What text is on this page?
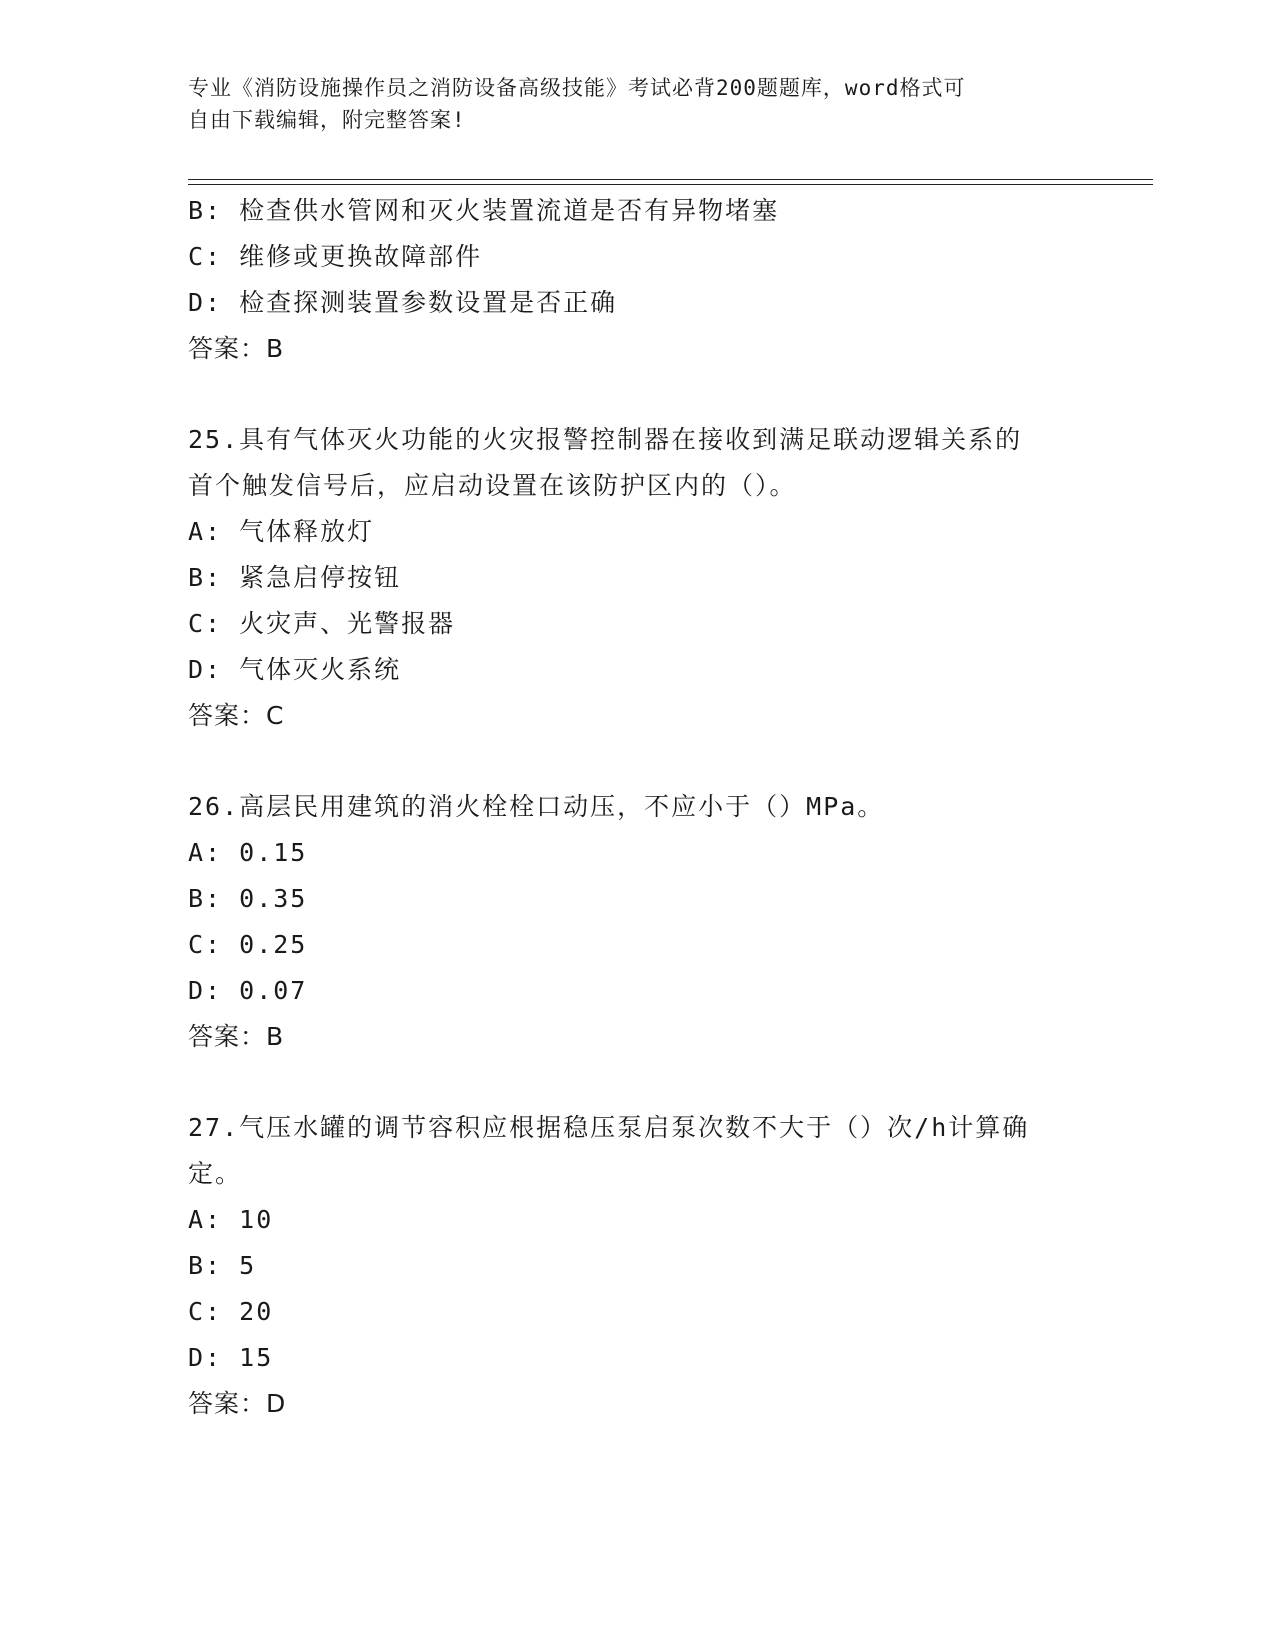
专业《消防设施操作员之消防设备高级技能》考试必背200题题库，word格式可
自由下载编辑，附完整答案!
B: 检查供水管网和灭火装置流道是否有异物堵塞
C: 维修或更换故障部件
D: 检查探测装置参数设置是否正确
答案：B
25.具有气体灭火功能的火灾报警控制器在接收到满足联动逻辑关系的
首个触发信号后，应启动设置在该防护区内的（）。
A: 气体释放灯
B: 紧急启停按钮
C: 火灾声、光警报器
D: 气体灭火系统
答案：C
26.高层民用建筑的消火栓栓口动压，不应小于（）MPa。
A: 0.15
B: 0.35
C: 0.25
D: 0.07
答案：B
27.气压水罐的调节容积应根据稳压泵启泵次数不大于（）次/h计算确
定。
A: 10
B: 5
C: 20
D: 15
答案：D
